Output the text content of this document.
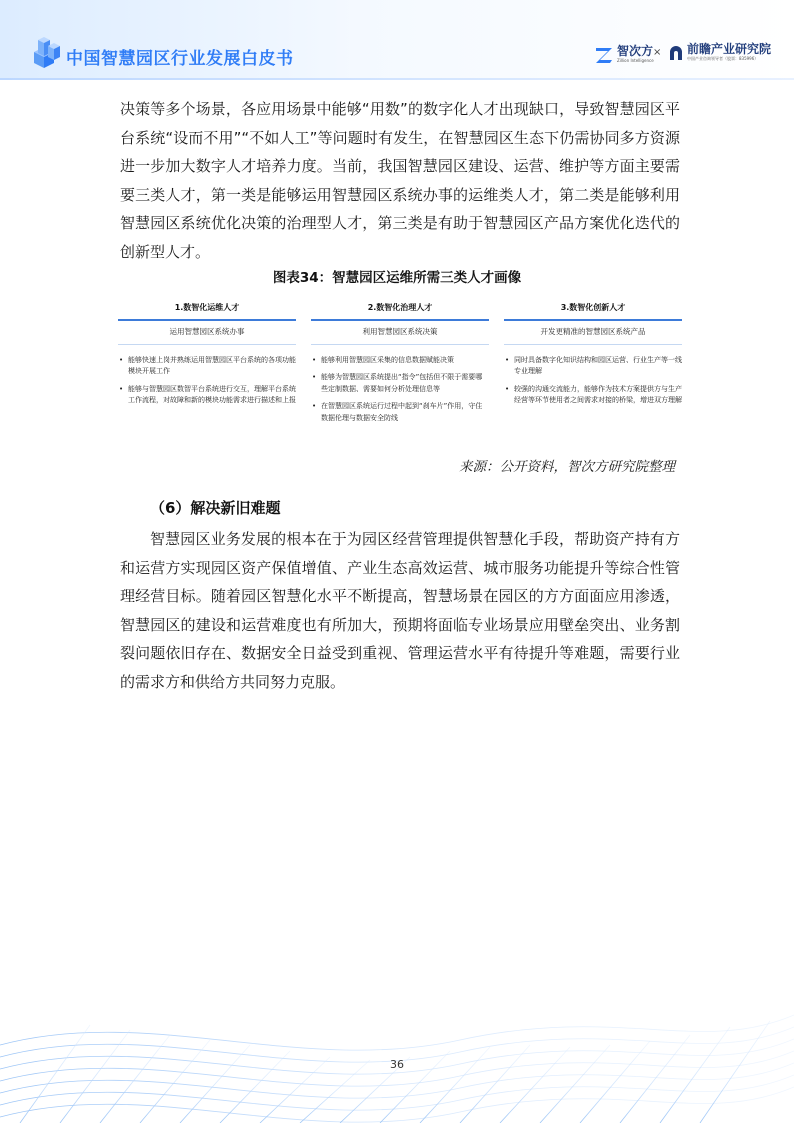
中国智慧园区行业发展白皮书	智次方
Zillion Intelligence
× 前瞻产业研究院
中国产业咨询领导者（股票：835996）
决策等多个场景，各应用场景中能够“用数”的数字化人才出现缺口，导致智慧园区平台系统“设而不用”“不如人工”等问题时有发生，在智慧园区生态下仍需协同多方资源进一步加大数字人才培养力度。当前，我国智慧园区建设、运营、维护等方面主要需要三类人才，第一类是能够运用智慧园区系统办事的运维类人才，第二类是能够利用智慧园区系统优化决策的治理型人才，第三类是有助于智慧园区产品方案优化迭代的创新型人才。
图表34：智慧园区运维所需三类人才画像
1.数智化运维人才
运用智慧园区系统办事
• 能够快速上岗并熟练运用智慧园区平台系统的各项功能模块开展工作
• 能够与智慧园区数智平台系统进行交互，理解平台系统工作流程，对故障和新的模块功能需求进行描述和上报
2.数智化治理人才
利用智慧园区系统决策
• 能够利用智慧园区采集的信息数据赋能决策
• 能够为智慧园区系统提出“指令”包括但不限于需要哪些定制数据、需要如何分析处理信息等
• 在智慧园区系统运行过程中起到“刹车片”作用，守住数据伦理与数据安全防线
3.数智化创新人才
开发更精准的智慧园区系统产品
• 同时具备数字化知识结构和园区运营、行业生产等一线专业理解
• 较强的沟通交流能力，能够作为技术方案提供方与生产经营等环节使用者之间需求对接的桥梁，增进双方理解
来源：公开资料，智次方研究院整理
（6）解决新旧难题
智慧园区业务发展的根本在于为园区经营管理提供智慧化手段，帮助资产持有方和运营方实现园区资产保值增值、产业生态高效运营、城市服务功能提升等综合性管理经营目标。随着园区智慧化水平不断提高，智慧场景在园区的方方面面应用渗透，智慧园区的建设和运营难度也有所加大，预期将面临专业场景应用壁垒突出、业务割裂问题依旧存在、数据安全日益受到重视、管理运营水平有待提升等难题，需要行业的需求方和供给方共同努力克服。
36
